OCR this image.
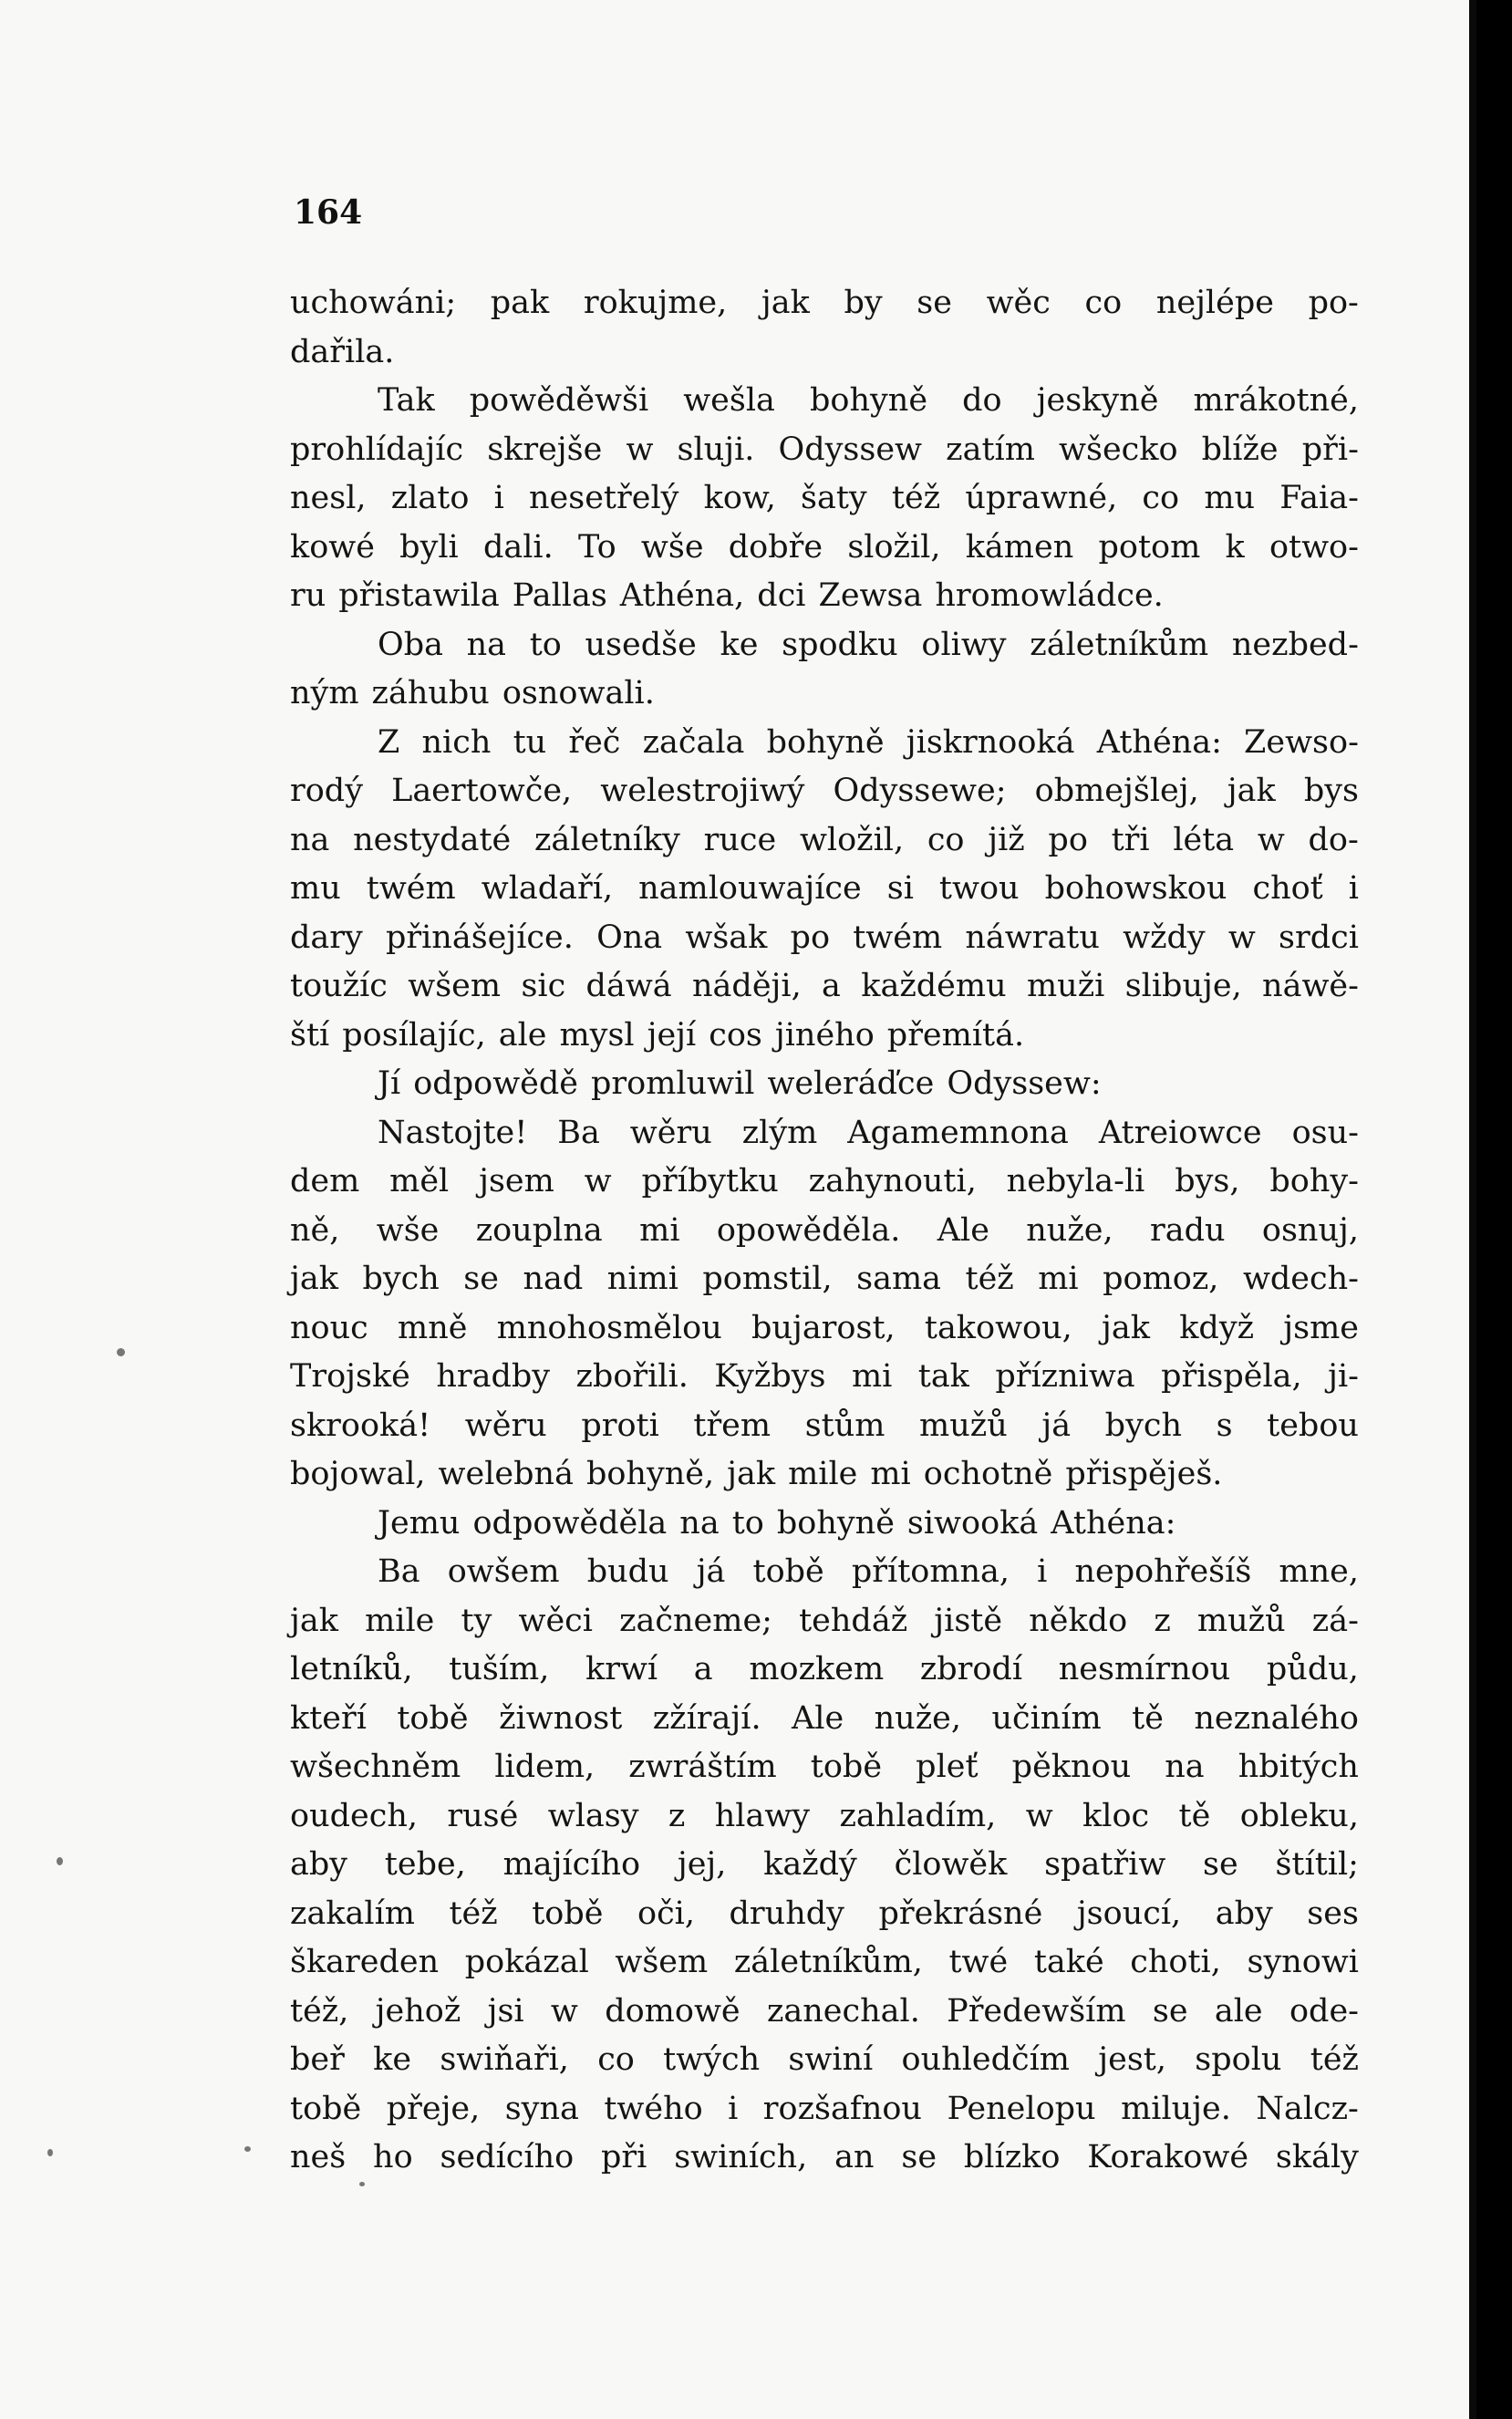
164
uchowáni; pak rokujme, jak by se wěc co nejlépe po-
dařila.
Tak powěděwši wešla bohyně do jeskyně mrákotné,
prohlídajíc skrejše w sluji. Odyssew zatím wšecko blíže při-
nesl, zlato i nesetřelý kow, šaty též úprawné, co mu Faia-
kowé byli dali. To wše dobře složil, kámen potom k otwo-
ru přistawila Pallas Athéna, dci Zewsa hromowládce.
Oba na to usedše ke spodku oliwy záletníkům nezbed-
ným záhubu osnowali.
Z nich tu řeč začala bohyně jiskrnooká Athéna: Zewso-
rodý Laertowče, welestrojiwý Odyssewe; obmejšlej, jak bys
na nestydaté záletníky ruce wložil, co již po tři léta w do-
mu twém wladaří, namlouwajíce si twou bohowskou choť i
dary přinášejíce. Ona wšak po twém náwratu wždy w srdci
toužíc wšem sic dáwá náději, a každému muži slibuje, náwě-
ští posílajíc, ale mysl její cos jiného přemítá.
Jí odpowědě promluwil weleráďce Odyssew:
Nastojte! Ba wěru zlým Agamemnona Atreiowce osu-
dem měl jsem w příbytku zahynouti, nebyla-li bys, bohy-
ně, wše zouplna mi opowěděla. Ale nuže, radu osnuj,
jak bych se nad nimi pomstil, sama též mi pomoz, wdech-
nouc mně mnohosmělou bujarost, takowou, jak když jsme
Trojské hradby zbořili. Kyžbys mi tak přízniwa přispěla, ji-
skrooká! wěru proti třem stům mužů já bych s tebou
bojowal, welebná bohyně, jak mile mi ochotně přispěješ.
Jemu odpowěděla na to bohyně siwooká Athéna:
Ba owšem budu já tobě přítomna, i nepohřešíš mne,
jak mile ty wěci začneme; tehdáž jistě někdo z mužů zá-
letníků, tuším, krwí a mozkem zbrodí nesmírnou půdu,
kteří tobě žiwnost zžírají. Ale nuže, učiním tě neznalého
wšechněm lidem, zwráštím tobě pleť pěknou na hbitých
oudech, rusé wlasy z hlawy zahladím, w kloc tě obleku,
aby tebe, majícího jej, každý člowěk spatřiw se štítil;
zakalím též tobě oči, druhdy překrásné jsoucí, aby ses
škareden pokázal wšem záletníkům, twé také choti, synowi
též, jehož jsi w domowě zanechal. Předewším se ale ode-
beř ke swiňaři, co twých swiní ouhledčím jest, spolu též
tobě přeje, syna twého i rozšafnou Penelopu miluje. Nalcz-
neš ho sedícího při swiních, an se blízko Korakowé skály
